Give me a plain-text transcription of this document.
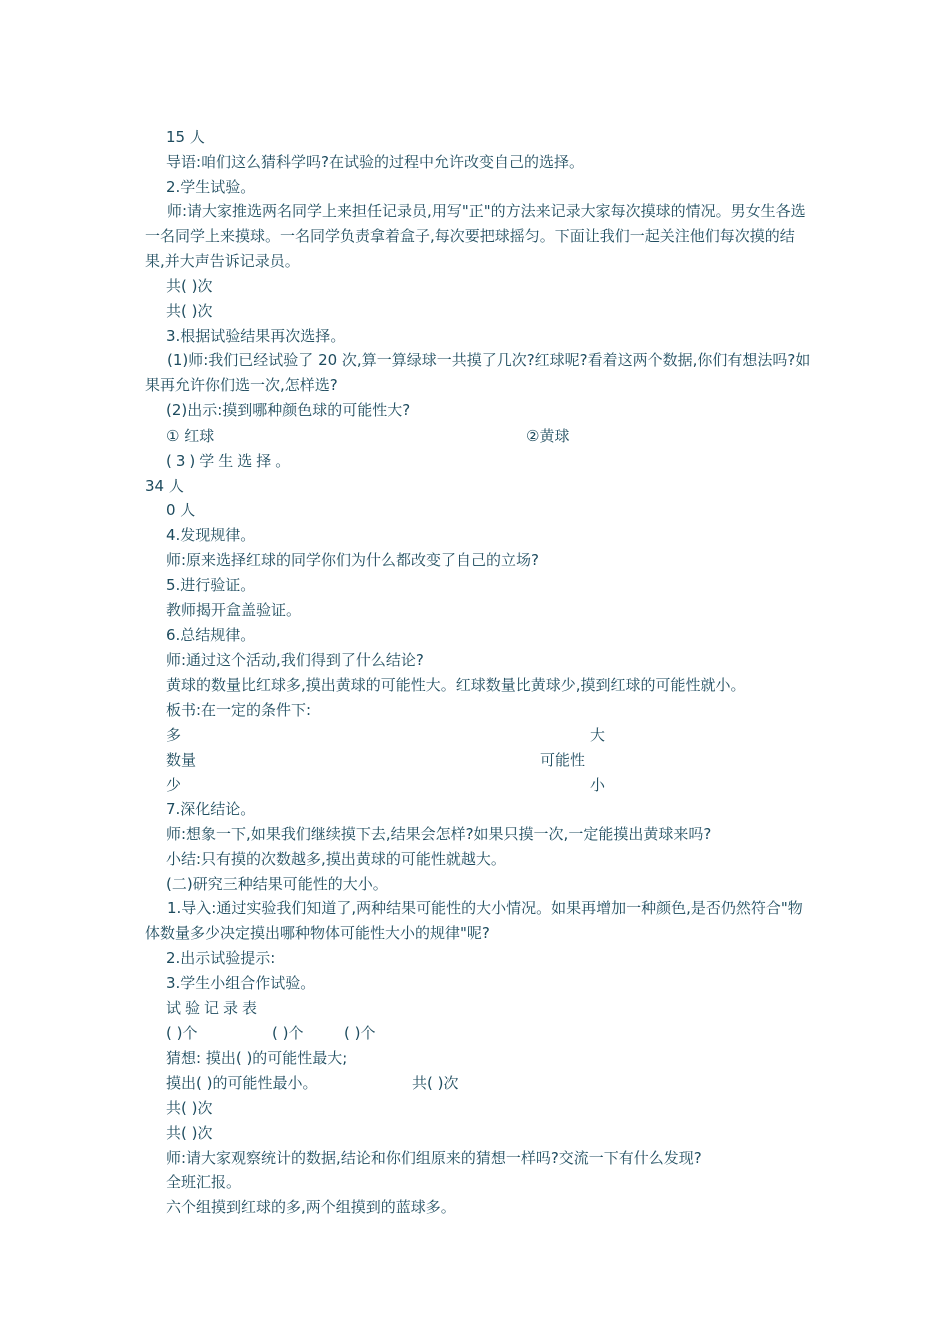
15 人
导语:咱们这么猜科学吗?在试验的过程中允许改变自己的选择。
2.学生试验。
师:请大家推选两名同学上来担任记录员,用写"正"的方法来记录大家每次摸球的情况。男女生各选一名同学上来摸球。一名同学负责拿着盒子,每次要把球摇匀。下面让我们一起关注他们每次摸的结果,并大声告诉记录员。
共( )次
共( )次
3.根据试验结果再次选择。
(1)师:我们已经试验了 20 次,算一算绿球一共摸了几次?红球呢?看着这两个数据,你们有想法吗?如果再允许你们选一次,怎样选?
(2)出示:摸到哪种颜色球的可能性大?
① 红球	②黄球
(3)学生选择。
34 人
0 人
4.发现规律。
师:原来选择红球的同学你们为什么都改变了自己的立场?
5.进行验证。
教师揭开盒盖验证。
6.总结规律。
师:通过这个活动,我们得到了什么结论?
黄球的数量比红球多,摸出黄球的可能性大。红球数量比黄球少,摸到红球的可能性就小。
板书:在一定的条件下:
多	大
数量	可能性
少	小
7.深化结论。
师:想象一下,如果我们继续摸下去,结果会怎样?如果只摸一次,一定能摸出黄球来吗?
小结:只有摸的次数越多,摸出黄球的可能性就越大。
(二)研究三种结果可能性的大小。
1.导入:通过实验我们知道了,两种结果可能性的大小情况。如果再增加一种颜色,是否仍然符合"物体数量多少决定摸出哪种物体可能性大小的规律"呢?
2.出示试验提示:
3.学生小组合作试验。
试验记录表
( )个	( )个	( )个
猜想: 摸出( )的可能性最大;
摸出( )的可能性最小。	共( )次
共( )次
共( )次
师:请大家观察统计的数据,结论和你们组原来的猜想一样吗?交流一下有什么发现?
全班汇报。
六个组摸到红球的多,两个组摸到的蓝球多。
